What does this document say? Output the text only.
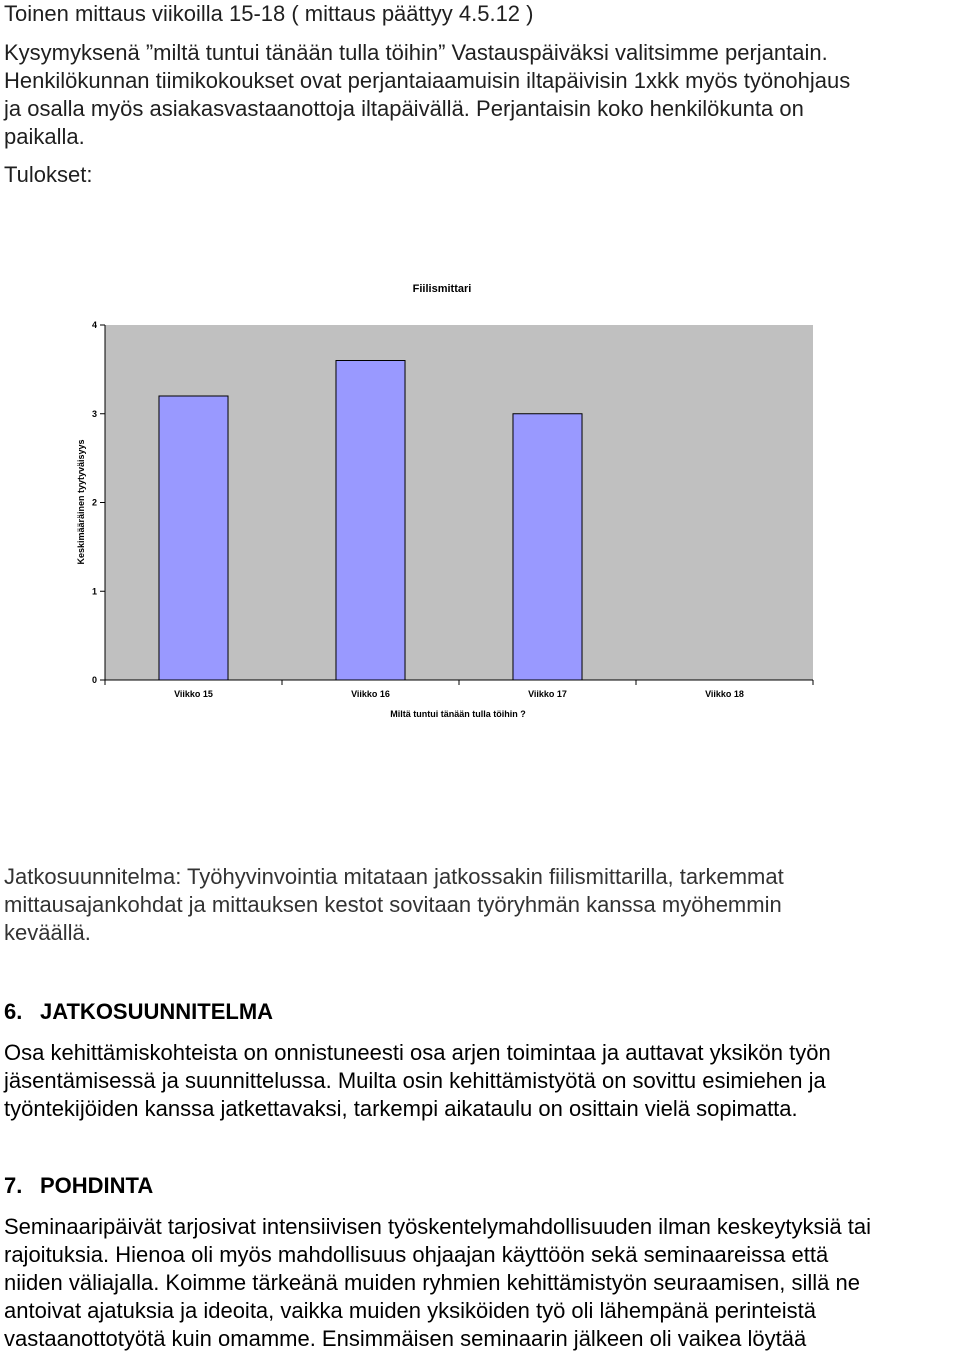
Toinen mittaus viikoilla 15-18 ( mittaus päättyy 4.5.12 )

Kysymyksenä ”miltä tuntui tänään tulla töihin” Vastauspäiväksi valitsimme perjantain.

Henkilökunnan tiimikokoukset ovat perjantaiaamuisin iltapäivisin 1xkk myös työnohjaus

ja osalla myös asiakasvastaanottoja iltapäivällä. Perjantaisin koko henkilökunta on

paikalla.

Tulokset:

Fiilismittari
0
1
2
3
4
Viikko 15	Viikko 16	Viikko 17	Viikko 18
Keskimääräinen tyytyväisyys
Miltä tuntui tänään tulla töihin ?

Jatkosuunnitelma: Työhyvinvointia mitataan jatkossakin fiilismittarilla, tarkemmat

mittausajankohdat ja mittauksen kestot sovitaan työryhmän kanssa myöhemmin

keväällä.

6. JATKOSUUNNITELMA

Osa kehittämiskohteista on onnistuneesti osa arjen toimintaa ja auttavat yksikön työn

jäsentämisessä ja suunnittelussa. Muilta osin kehittämistyötä on sovittu esimiehen ja

työntekijöiden kanssa jatkettavaksi, tarkempi aikataulu on osittain vielä sopimatta.

7. POHDINTA

Seminaaripäivät tarjosivat intensiivisen työskentelymahdollisuuden ilman keskeytyksiä tai

rajoituksia. Hienoa oli myös mahdollisuus ohjaajan käyttöön sekä seminaareissa että

niiden väliajalla. Koimme tärkeänä muiden ryhmien kehittämistyön seuraamisen, sillä ne

antoivat ajatuksia ja ideoita, vaikka muiden yksiköiden työ oli lähempänä perinteistä

vastaanottotyötä kuin omamme. Ensimmäisen seminaarin jälkeen oli vaikea löytää
